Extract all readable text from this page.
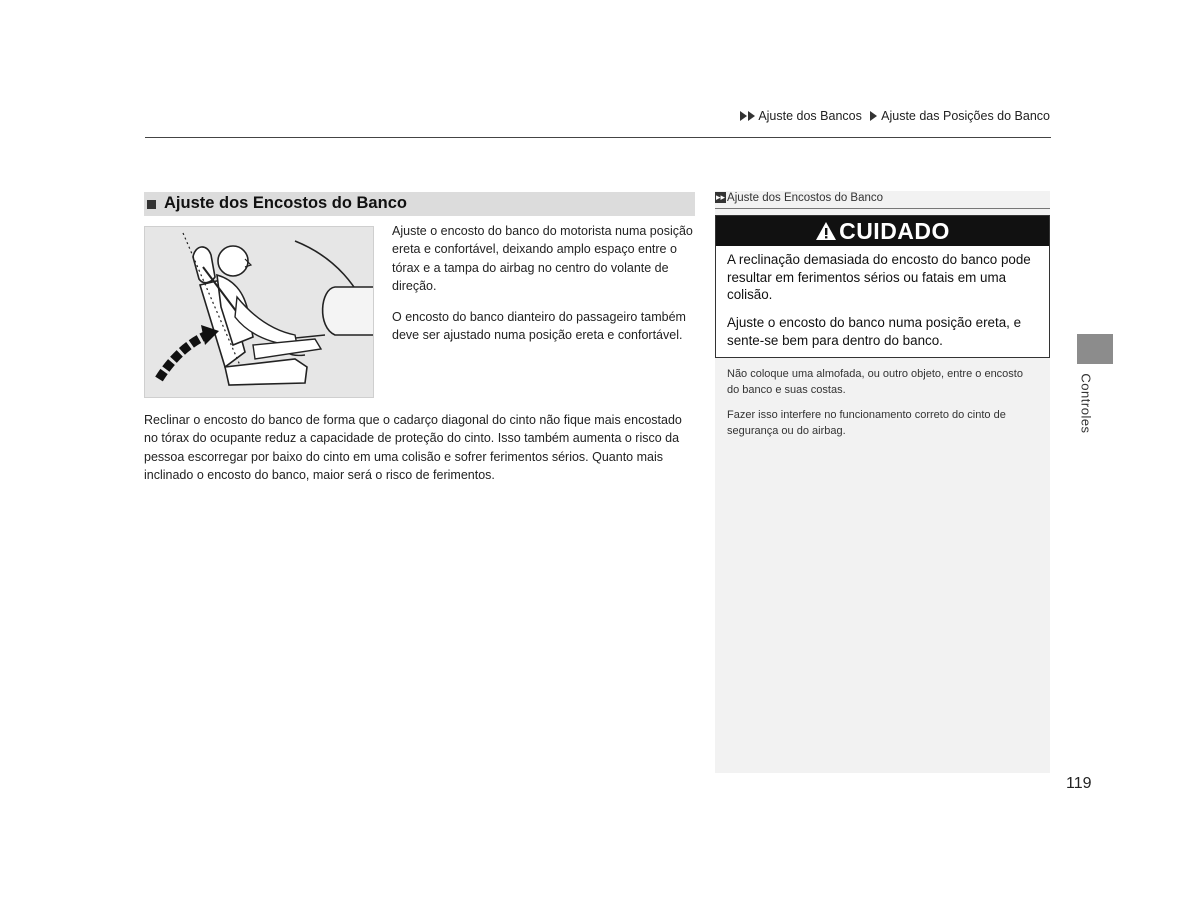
Ajuste dos Bancos Ajuste das Posições do Banco
Ajuste dos Encostos do Banco
Ajuste o encosto do banco do motorista numa posição ereta e confortável, deixando amplo espaço entre o tórax e a tampa do airbag no centro do volante de direção.
O encosto do banco dianteiro do passageiro também deve ser ajustado numa posição ereta e confortável.
Reclinar o encosto do banco de forma que o cadarço diagonal do cinto não fique mais encostado no tórax do ocupante reduz a capacidade de proteção do cinto. Isso também aumenta o risco da pessoa escorregar por baixo do cinto em uma colisão e sofrer ferimentos sérios. Quanto mais inclinado o encosto do banco, maior será o risco de ferimentos.
▸▸ Ajuste dos Encostos do Banco
CUIDADO
A reclinação demasiada do encosto do banco pode resultar em ferimentos sérios ou fatais em uma colisão.
Ajuste o encosto do banco numa posição ereta, e sente-se bem para dentro do banco.
Não coloque uma almofada, ou outro objeto, entre o encosto do banco e suas costas.
Fazer isso interfere no funcionamento correto do cinto de segurança ou do airbag.	Controles
119
